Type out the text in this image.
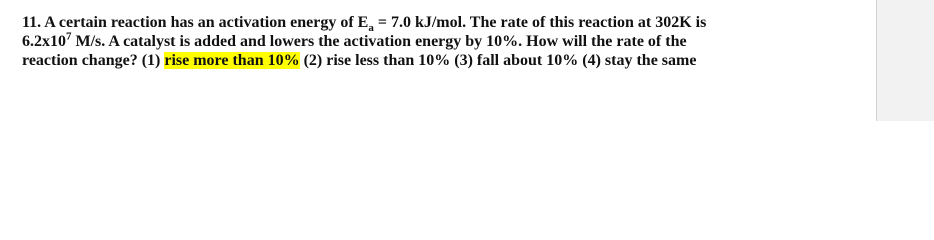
11. A certain reaction has an activation energy of $E_a = 7.0$ kJ/mol. The rate of this reaction at 302K is
$6.2x10^7$ M/s. A catalyst is added and lowers the activation energy by 10%. How will the rate of the
reaction change? (1) rise more than 10% (2) rise less than 10% (3) fall about 10% (4) stay the same
